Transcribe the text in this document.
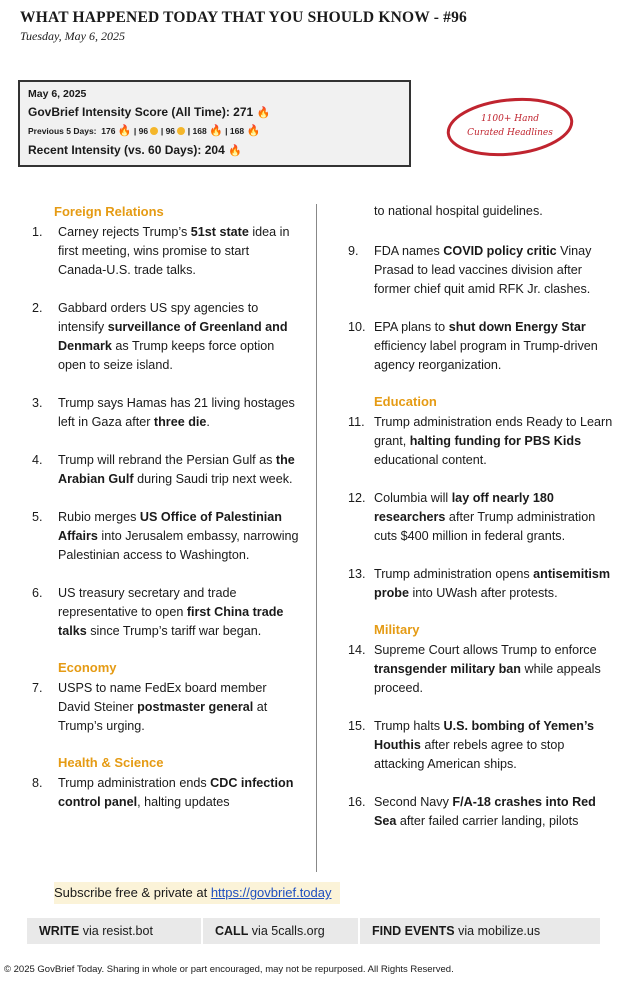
WHAT HAPPENED TODAY THAT YOU SHOULD KNOW - #96
Tuesday, May 6, 2025
May 6, 2025
GovBrief Intensity Score (All Time): 271 🔥
Previous 5 Days: 176 🔥 | 96  | 96  | 168 🔥 | 168 🔥
Recent Intensity (vs. 60 Days): 204 🔥
1100+ Hand
Curated Headlines
Foreign Relations
1.	Carney rejects Trump’s 51st state idea in first meeting, wins promise to start Canada-U.S. trade talks.
2.	Gabbard orders US spy agencies to intensify surveillance of Greenland and Denmark as Trump keeps force option open to seize island.
3.	Trump says Hamas has 21 living hostages left in Gaza after three die.
4.	Trump will rebrand the Persian Gulf as the Arabian Gulf during Saudi trip next week.
5.	Rubio merges US Office of Palestinian Affairs into Jerusalem embassy, narrowing Palestinian access to Washington.
6.	US treasury secretary and trade representative to open first China trade talks since Trump’s tariff war began.
Economy
7.	USPS to name FedEx board member David Steiner postmaster general at Trump’s urging.
Health & Science
8.	Trump administration ends CDC infection control panel, halting updates
to national hospital guidelines.
9.	FDA names COVID policy critic Vinay Prasad to lead vaccines division after former chief quit amid RFK Jr. clashes.
10. EPA plans to shut down Energy Star efficiency label program in Trump-driven agency reorganization.
Education
11. Trump administration ends Ready to Learn grant, halting funding for PBS Kids educational content.
12. Columbia will lay off nearly 180 researchers after Trump administration cuts $400 million in federal grants.
13. Trump administration opens antisemitism probe into UWash after protests.
Military
14. Supreme Court allows Trump to enforce transgender military ban while appeals proceed.
15. Trump halts U.S. bombing of Yemen’s Houthis after rebels agree to stop attacking American ships.
16. Second Navy F/A-18 crashes into Red Sea after failed carrier landing, pilots
Subscribe free & private at https://govbrief.today
WRITE via resist.bot	CALL via 5calls.org	FIND EVENTS via mobilize.us
© 2025 GovBrief Today. Sharing in whole or part encouraged, may not be repurposed. All Rights Reserved.
